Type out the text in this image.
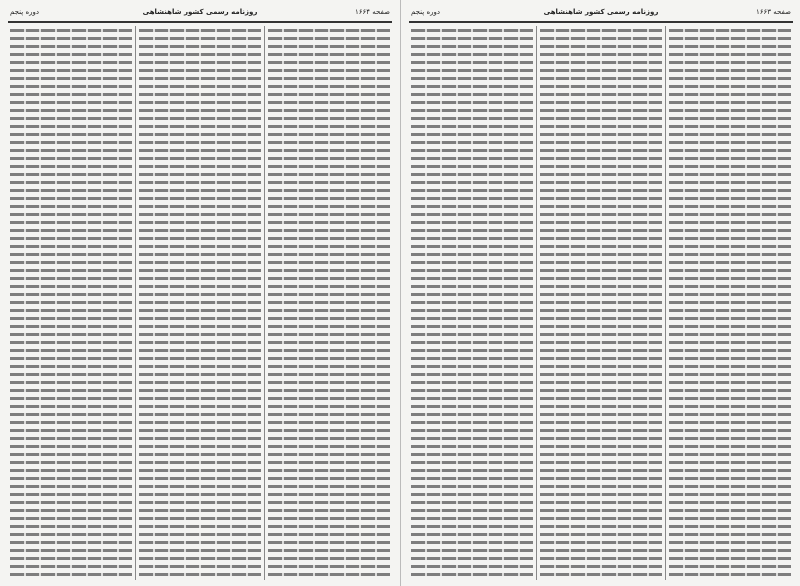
صفحه ۱۶۶۴
روزنامه رسمی کشور شاهنشاهی
دوره پنجم	صفحه ۱۶۶۳
روزنامه رسمی کشور شاهنشاهی
دوره پنجم
